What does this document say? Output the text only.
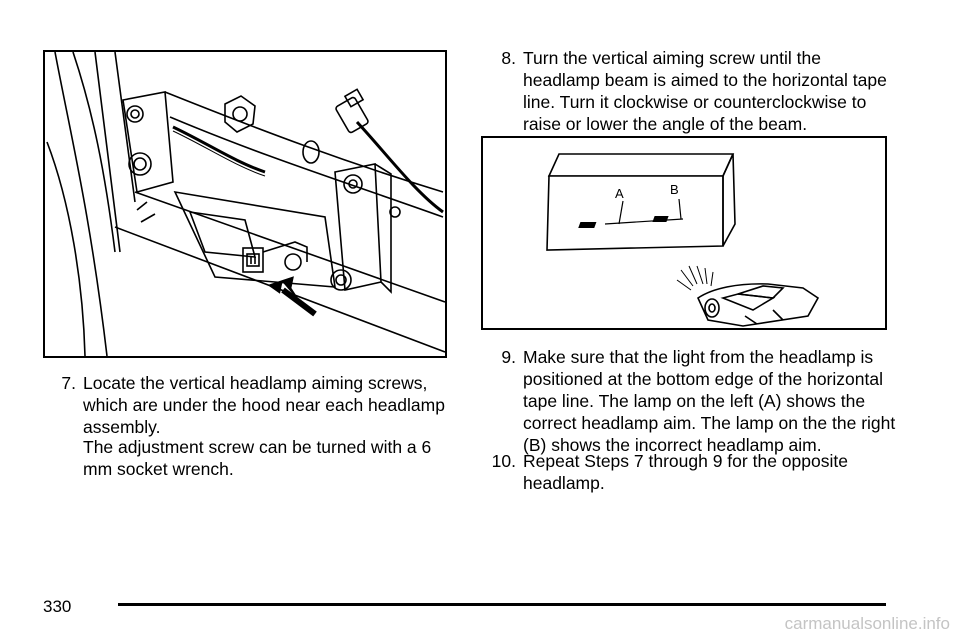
A	B
7. Locate the vertical headlamp aiming screws, which are under the hood near each headlamp assembly.
The adjustment screw can be turned with a 6 mm socket wrench.
8. Turn the vertical aiming screw until the headlamp beam is aimed to the horizontal tape line. Turn it clockwise or counterclockwise to raise or lower the angle of the beam.
9. Make sure that the light from the headlamp is positioned at the bottom edge of the horizontal tape line. The lamp on the left (A) shows the correct headlamp aim. The lamp on the the right (B) shows the incorrect headlamp aim.
10. Repeat Steps 7 through 9 for the opposite headlamp.
330
carmanualsonline.info
